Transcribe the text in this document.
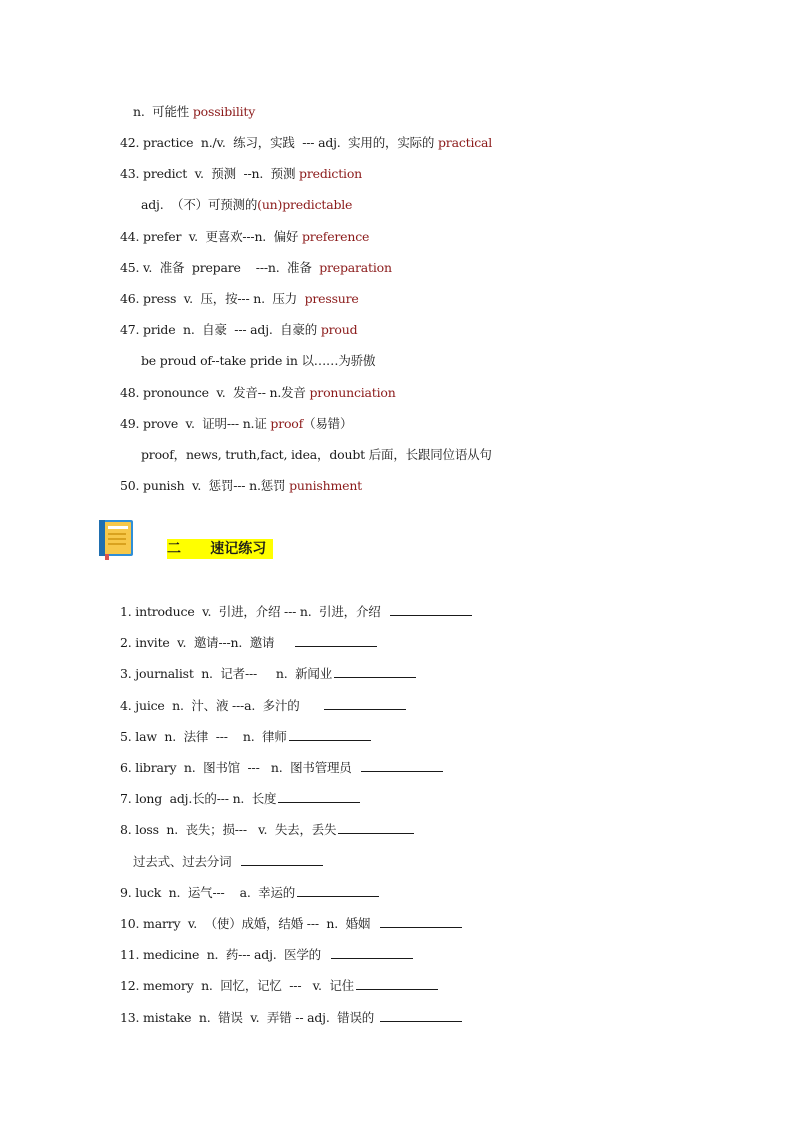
n.  可能性 possibility
42. practice  n./v.  练习，实践  --- adj.  实用的，实际的 practical
43. predict  v.  预测  --n.  预测 prediction
adj.  （不）可预测的(un)predictable
44. prefer  v.  更喜欢---n.  偏好 preference
45. v.  准备  prepare    ---n.  准备  preparation
46. press  v.  压，按--- n.  压力  pressure
47. pride  n.  自豪  --- adj.  自豪的 proud
be proud of--take pride in 以……为骄傲
48. pronounce  v.  发音-- n.发音 pronunciation
49. prove  v.  证明--- n.证 proof（易错）
proof，news, truth,fact, idea，doubt 后面，长跟同位语从句
50. punish  v.  惩罚--- n.惩罚 punishment
二      速记练习
1. introduce  v.  引进，介绍 --- n.  引进，介绍
2. invite  v.  邀请---n.  邀请
3. journalist  n.  记者---     n.  新闻业
4. juice  n.  汁、液 ---a.  多汁的
5. law  n.  法律  ---    n.  律师
6. library  n.  图书馆  ---   n.  图书管理员
7. long  adj.长的--- n.  长度
8. loss  n.  丧失；损---   v.  失去，丢失
过去式、过去分词
9. luck  n.  运气---    a.  幸运的
10. marry  v.  （使）成婚，结婚 ---  n.  婚姻
11. medicine  n.  药--- adj.  医学的
12. memory  n.  回忆，记忆  ---   v.  记住
13. mistake  n.  错误  v.  弄错 -- adj.  错误的
